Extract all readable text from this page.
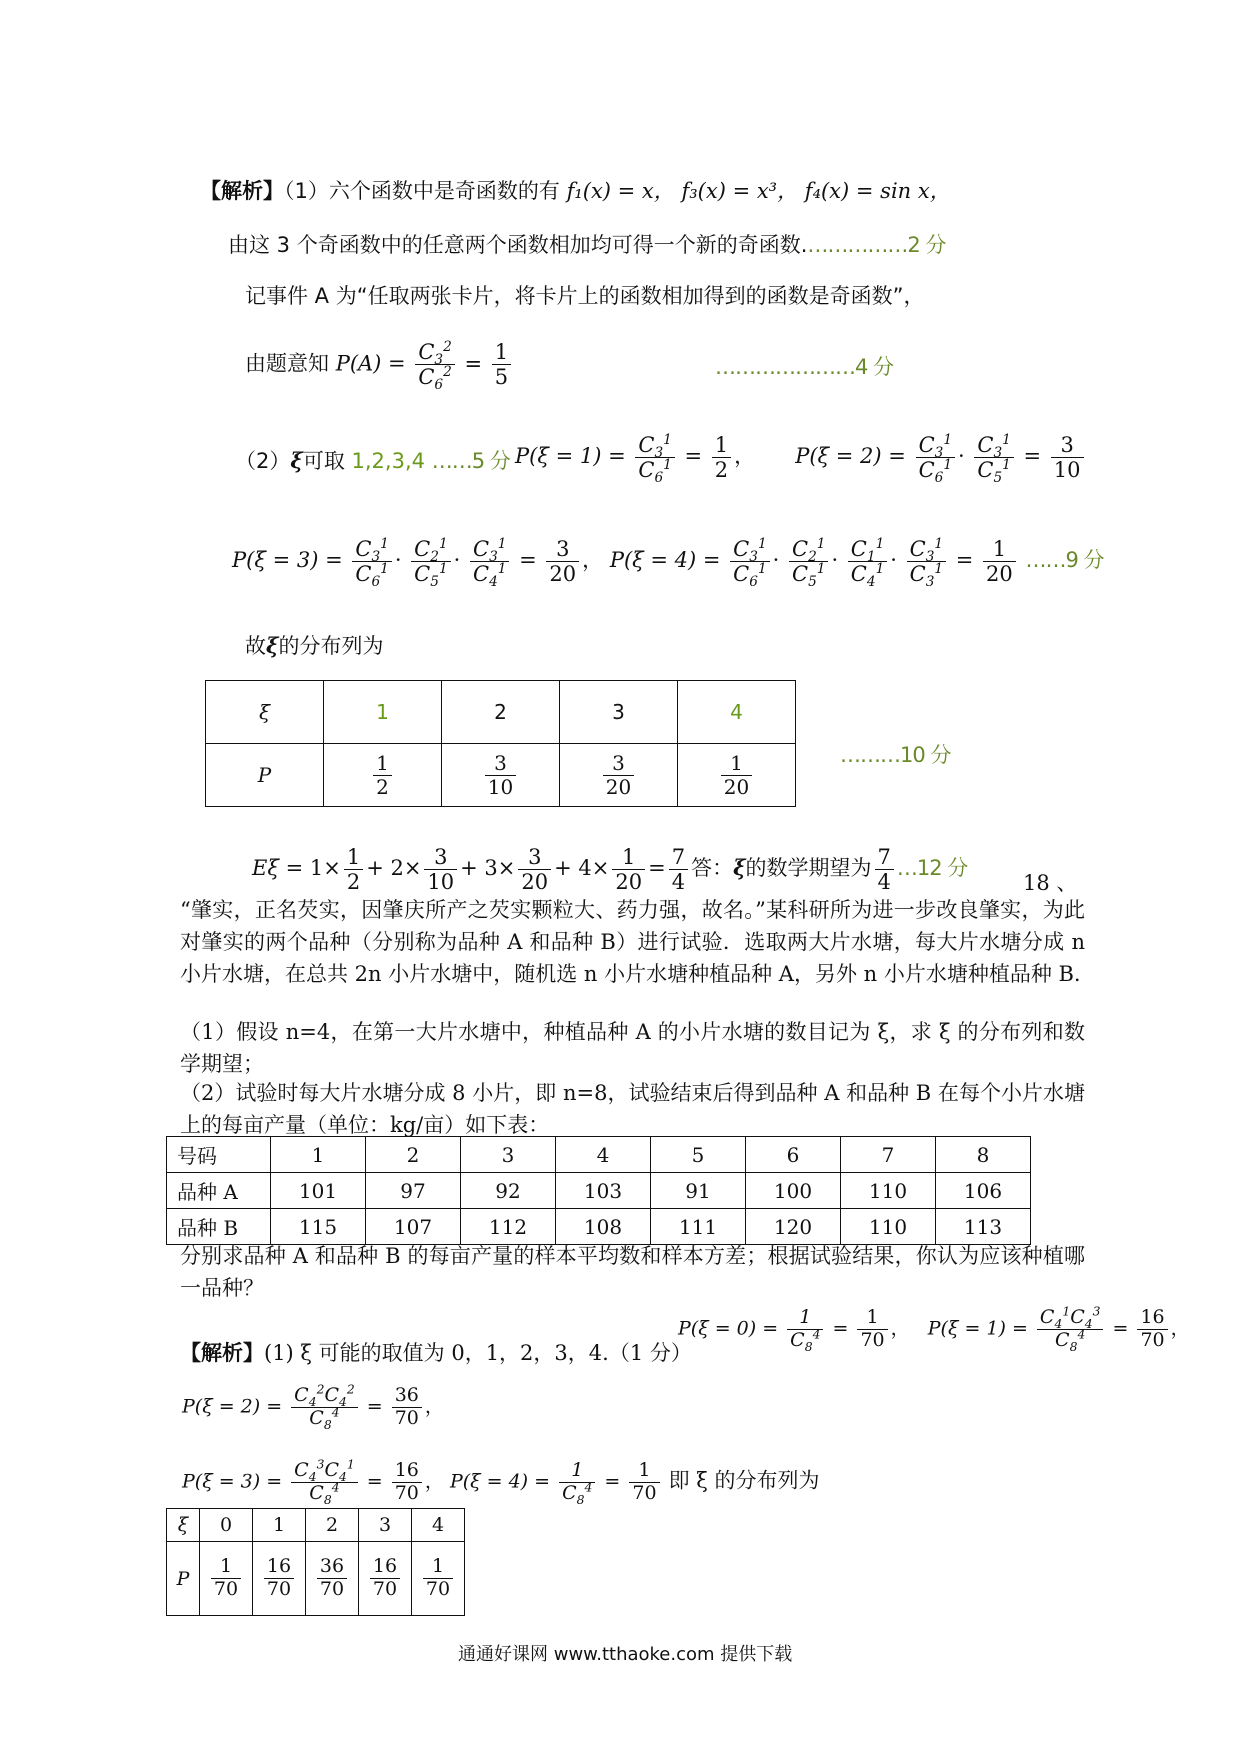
【解析】（1）六个函数中是奇函数的有 f₁(x) = x， f₃(x) = x³， f₄(x) = sin x，
由这 3 个奇函数中的任意两个函数相加均可得一个新的奇函数.……………2 分
记事件 A 为“任取两张卡片，将卡片上的函数相加得到的函数是奇函数”，
由题意知 $P(A) = \frac{C_3^2}{C_6^2} = \frac{1}{5}$	…………………4 分
（2）ξ可取 1,2,3,4 ……5 分 $P(\xi = 1) = \frac{C_3^1}{C_6^1} = \frac{1}{2}$ ，      $P(\xi = 2) = \frac{C_3^1}{C_6^1} \cdot \frac{C_3^1}{C_5^1} = \frac{3}{10}$
$P(\xi = 3) = \frac{C_3^1}{C_6^1} \cdot \frac{C_2^1}{C_5^1} \cdot \frac{C_3^1}{C_4^1} = \frac{3}{20}$ ， $P(\xi = 4) = \frac{C_3^1}{C_6^1} \cdot \frac{C_2^1}{C_5^1} \cdot \frac{C_1^1}{C_4^1} \cdot \frac{C_3^1}{C_3^1} = \frac{1}{20}$ ……9 分
故ξ的分布列为
ξ	1	2	3	4
P	$\frac{1}{2}$	$\frac{3}{10}$	$\frac{3}{20}$	$\frac{1}{20}$	………10 分
$E\xi = 1\times \frac{1}{2} + 2\times \frac{3}{10} + 3\times \frac{3}{20} + 4\times \frac{1}{20} = \frac{7}{4}$ 答：ξ的数学期望为 $\frac{7}{4}$ …12 分
18 、
“肇实，正名芡实，因肇庆所产之芡实颗粒大、药力强，故名。”某科研所为进一步改良肇实，为此对肇实的两个品种（分别称为品种 A 和品种 B）进行试验．选取两大片水塘，每大片水塘分成 n 小片水塘，在总共 2n 小片水塘中，随机选 n 小片水塘种植品种 A，另外 n 小片水塘种植品种 B.
（1）假设 n=4，在第一大片水塘中，种植品种 A 的小片水塘的数目记为 ξ，求 ξ 的分布列和数学期望；
（2）试验时每大片水塘分成 8 小片，即 n=8，试验结束后得到品种 A 和品种 B 在每个小片水塘上的每亩产量（单位：kg/亩）如下表：
号码	1	2	3	4	5	6	7	8
品种 A	101	97	92	103	91	100	110	106
品种 B	115	107	112	108	111	120	110	113
分别求品种 A 和品种 B 的每亩产量的样本平均数和样本方差；根据试验结果，你认为应该种植哪一品种？
【解析】(1) ξ 可能的取值为 0，1，2，3，4.（1 分）
$P(\xi = 0) = \frac{1}{C_8^4} = \frac{1}{70}$ ，   $P(\xi = 1) = \frac{C_4^1C_4^3}{C_8^4} = \frac{16}{70}$ ，
$P(\xi = 2) = \frac{C_4^2C_4^2}{C_8^4} = \frac{36}{70}$ ，
$P(\xi = 3) = \frac{C_4^3C_4^1}{C_8^4} = \frac{16}{70}$ ， $P(\xi = 4) = \frac{1}{C_8^4} = \frac{1}{70}$ 即 ξ 的分布列为
ξ	0	1	2	3	4
P	$\frac{1}{70}$	$\frac{16}{70}$	$\frac{36}{70}$	$\frac{16}{70}$	$\frac{1}{70}$
通通好课网 www.tthaoke.com 提供下载
